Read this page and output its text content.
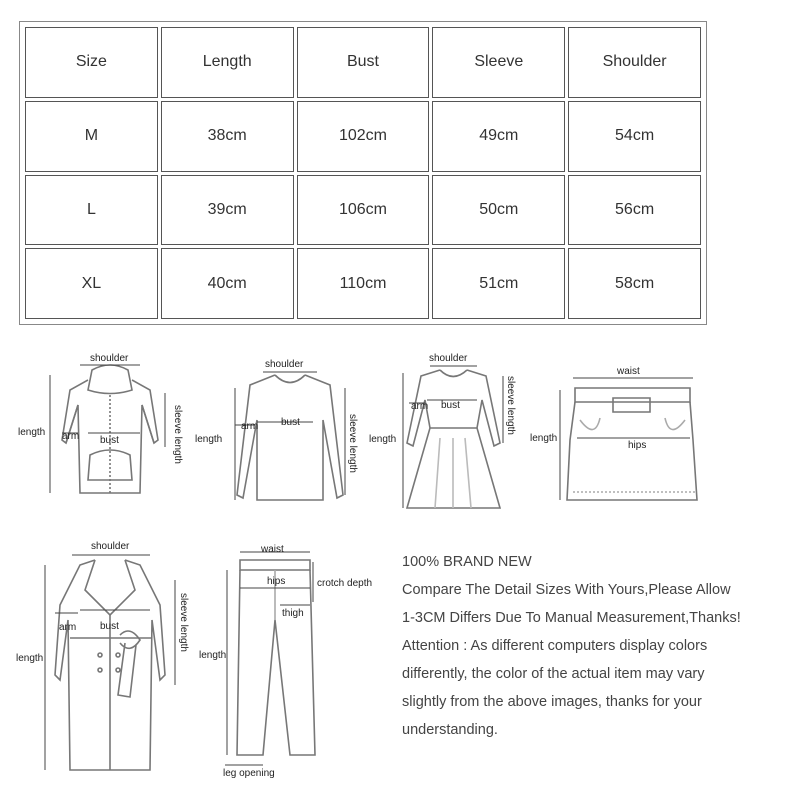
Size	Length	Bust	Sleeve	Shoulder
M	38cm	102cm	49cm	54cm
L	39cm	106cm	50cm	56cm
XL	40cm	110cm	51cm	58cm
shoulder
length arm bust	sleeve length
shoulder
length
arm bust	sleeve length
shoulder
length
arm bust	sleeve length
waist
length
hips
shoulder
length
arm bust	sleeve length
waist
hips	crotch depth
thigh
length
leg opening
100% BRAND NEW
Compare The Detail Sizes With Yours,Please Allow
1-3CM Differs Due To Manual Measurement,Thanks!
Attention : As different computers display colors
differently, the color of the actual item may vary
slightly from the above images, thanks for your
understanding.
